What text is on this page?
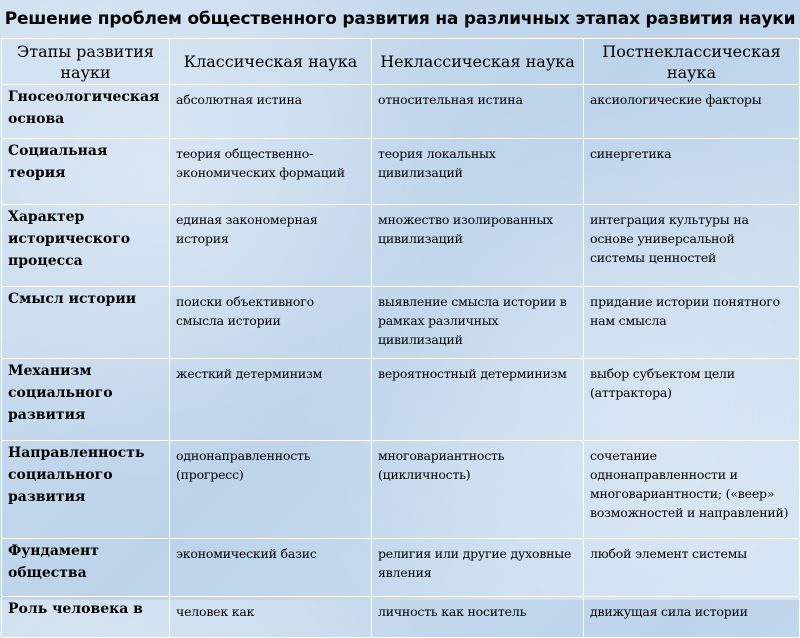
Решение проблем общественного развития на различных этапах развития науки
Этапы развития науки	Классическая наука	Неклассическая наука	Постнеклассическая наука
Гносеологическая основа	абсолютная истина	относительная истина	аксиологические факторы
Социальная теория	теория общественно-экономических формаций	теория локальных цивилизаций	синергетика
Характер исторического процесса	единая закономерная история	множество изолированных цивилизаций	интеграция культуры на основе универсальной системы ценностей
Смысл истории	поиски объективного смысла истории	выявление смысла истории в рамках различных цивилизаций	придание истории понятного нам смысла
Механизм социального развития	жесткий детерминизм	вероятностный детерминизм	выбор субъектом цели (аттрактора)
Направленность социального развития	однонаправленность (прогресс)	многовариантность (цикличность)	сочетание однонаправленности и многовариантности; («веер» возможностей и направлений)
Фундамент общества	экономический базис	религия или другие духовные явления	любой элемент системы
Роль человека в	человек как	личность как носитель	движущая сила истории
